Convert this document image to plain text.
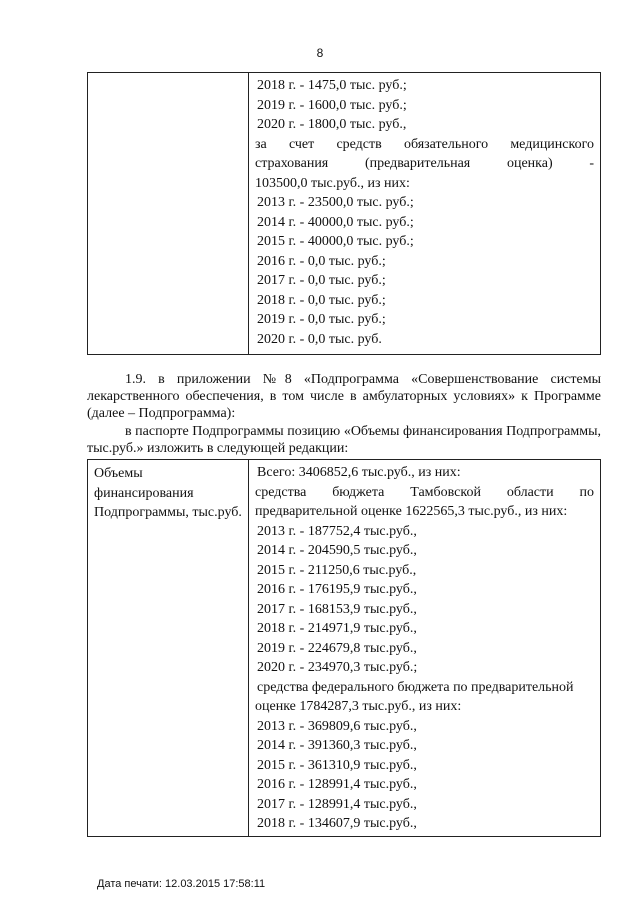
8

2018 г. - 1475,0 тыс. руб.;
2019 г. - 1600,0 тыс. руб.;
2020 г. - 1800,0 тыс. руб.,
за счет средств обязательного медицинского
страхования	(предварительная	оценка)	-
103500,0 тыс.руб., из них:
2013 г. - 23500,0 тыс. руб.;
2014 г. - 40000,0 тыс. руб.;
2015 г. - 40000,0 тыс. руб.;
2016 г. - 0,0 тыс. руб.;
2017 г. - 0,0 тыс. руб.;
2018 г. - 0,0 тыс. руб.;
2019 г. - 0,0 тыс. руб.;
2020 г. - 0,0 тыс. руб.
1.9. в приложении №8 «Подпрограмма «Совершенствование системы лекарственного обеспечения, в том числе в амбулаторных условиях» к Программе (далее – Подпрограмма):
в паспорте Подпрограммы позицию «Объемы финансирования Подпрограммы, тыс.руб.» изложить в следующей редакции:
Объемы финансирования Подпрограммы, тыс.руб.

Всего: 3406852,6 тыс.руб., из них:
средства бюджета Тамбовской области по
предварительной оценке 1622565,3 тыс.руб., из них:
2013 г. - 187752,4 тыс.руб.,
2014 г. - 204590,5 тыс.руб.,
2015 г. - 211250,6 тыс.руб.,
2016 г. - 176195,9 тыс.руб.,
2017 г. - 168153,9 тыс.руб.,
2018 г. - 214971,9 тыс.руб.,
2019 г. - 224679,8 тыс.руб.,
2020 г. - 234970,3 тыс.руб.;
средства федерального бюджета по предварительной
оценке 1784287,3 тыс.руб., из них:
2013 г. - 369809,6 тыс.руб.,
2014 г. - 391360,3 тыс.руб.,
2015 г. - 361310,9 тыс.руб.,
2016 г. - 128991,4 тыс.руб.,
2017 г. - 128991,4 тыс.руб.,
2018 г. - 134607,9 тыс.руб.,
Дата печати: 12.03.2015 17:58:11
